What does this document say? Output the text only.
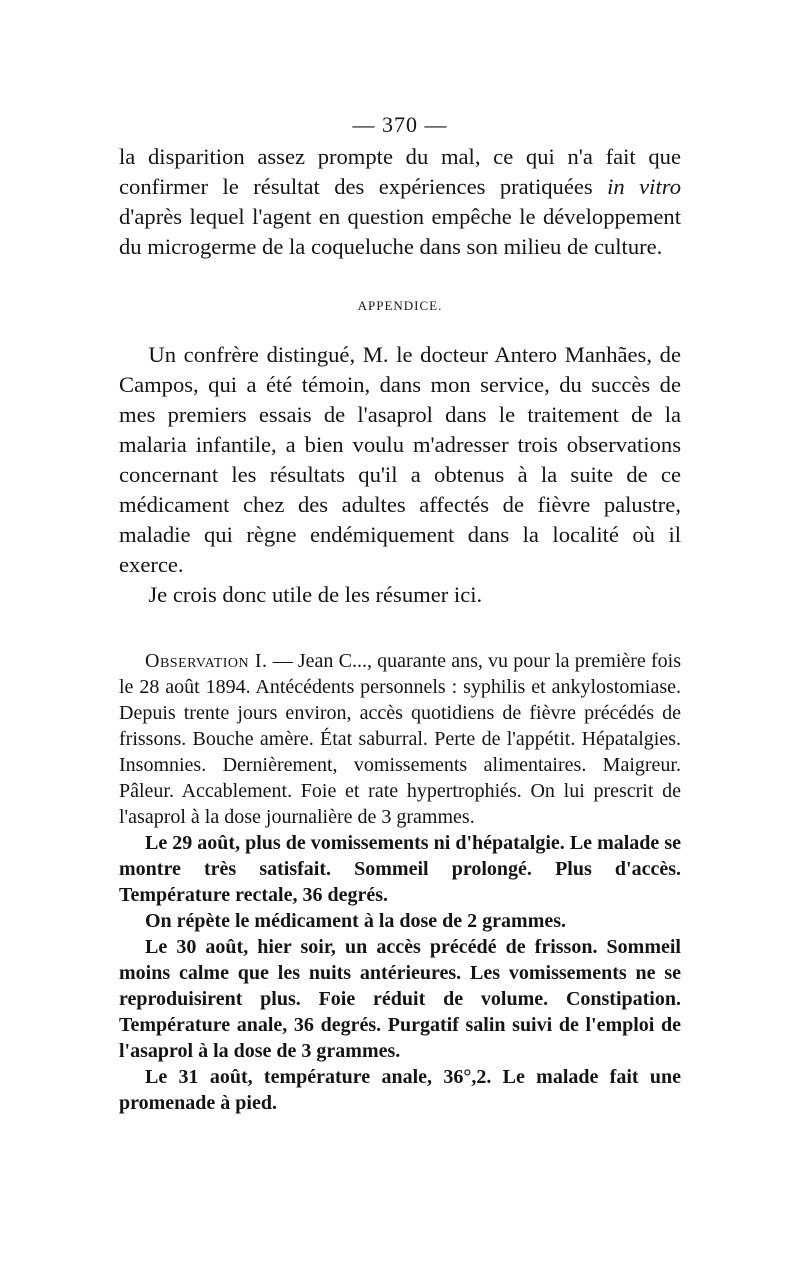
— 370 —

la disparition assez prompte du mal, ce qui n'a fait que confirmer le résultat des expériences pratiquées in vitro d'après lequel l'agent en question empêche le développement du microgerme de la coqueluche dans son milieu de culture.

APPENDICE.

Un confrère distingué, M. le docteur Antero Manhães, de Campos, qui a été témoin, dans mon service, du succès de mes premiers essais de l'asaprol dans le traitement de la malaria infantile, a bien voulu m'adresser trois observations concernant les résultats qu'il a obtenus à la suite de ce médicament chez des adultes affectés de fièvre palustre, maladie qui règne endémiquement dans la localité où il exerce.

Je crois donc utile de les résumer ici.

Observation I. — Jean C..., quarante ans, vu pour la première fois le 28 août 1894. Antécédents personnels : syphilis et ankylostomiase. Depuis trente jours environ, accès quotidiens de fièvre précédés de frissons. Bouche amère. État saburral. Perte de l'appétit. Hépatalgies. Insomnies. Dernièrement, vomissements alimentaires. Maigreur. Pâleur. Accablement. Foie et rate hypertrophiés. On lui prescrit de l'asaprol à la dose journalière de 3 grammes.

Le 29 août, plus de vomissements ni d'hépatalgie. Le malade se montre très satisfait. Sommeil prolongé. Plus d'accès. Température rectale, 36 degrés.

On répète le médicament à la dose de 2 grammes.

Le 30 août, hier soir, un accès précédé de frisson. Sommeil moins calme que les nuits antérieures. Les vomissements ne se reproduisirent plus. Foie réduit de volume. Constipation. Température anale, 36 degrés. Purgatif salin suivi de l'emploi de l'asaprol à la dose de 3 grammes.

Le 31 août, température anale, 36°,2. Le malade fait une promenade à pied.
